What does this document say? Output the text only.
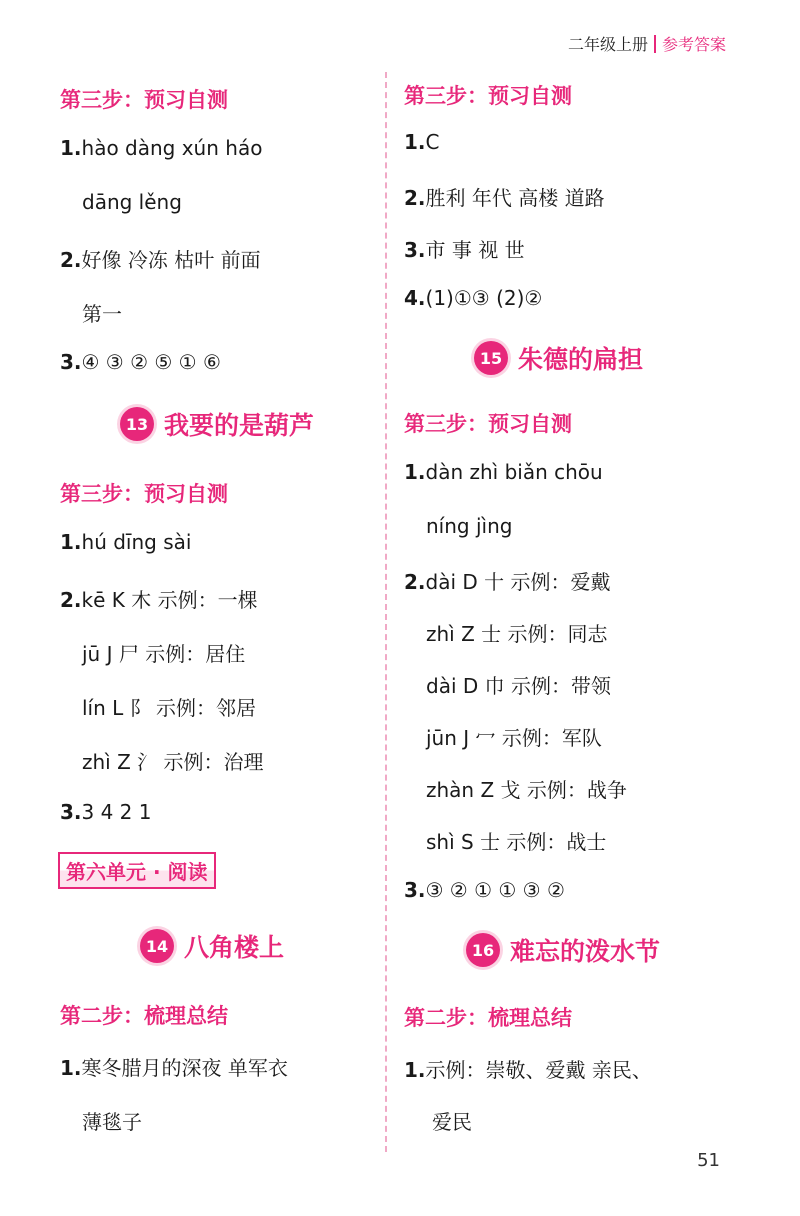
二年级上册 参考答案
第三步：预习自测
1.hào dàng xún háo
dāng lěng
2.好像 冷冻 枯叶 前面
第一
3.④ ③ ② ⑤ ① ⑥
13 我要的是葫芦
第三步：预习自测
1.hú dīng sài
2.kē K 木 示例：一棵
jū J 尸 示例：居住
lín L 阝 示例：邻居
zhì Z 氵 示例：治理
3.3 4 2 1
第六单元 · 阅读
14 八角楼上
第二步：梳理总结
1.寒冬腊月的深夜 单军衣
薄毯子
第三步：预习自测
1.C
2.胜利 年代 高楼 道路
3.市 事 视 世
4.(1)①③ (2)②
15 朱德的扁担
第三步：预习自测
1.dàn zhì biǎn chōu
níng jìng
2.dài D 十 示例：爱戴
zhì Z 士 示例：同志
dài D 巾 示例：带领
jūn J 冖 示例：军队
zhàn Z 戈 示例：战争
shì S 士 示例：战士
3.③ ② ① ① ③ ②
16 难忘的泼水节
第二步：梳理总结
1.示例：崇敬、爱戴 亲民、
爱民
51
